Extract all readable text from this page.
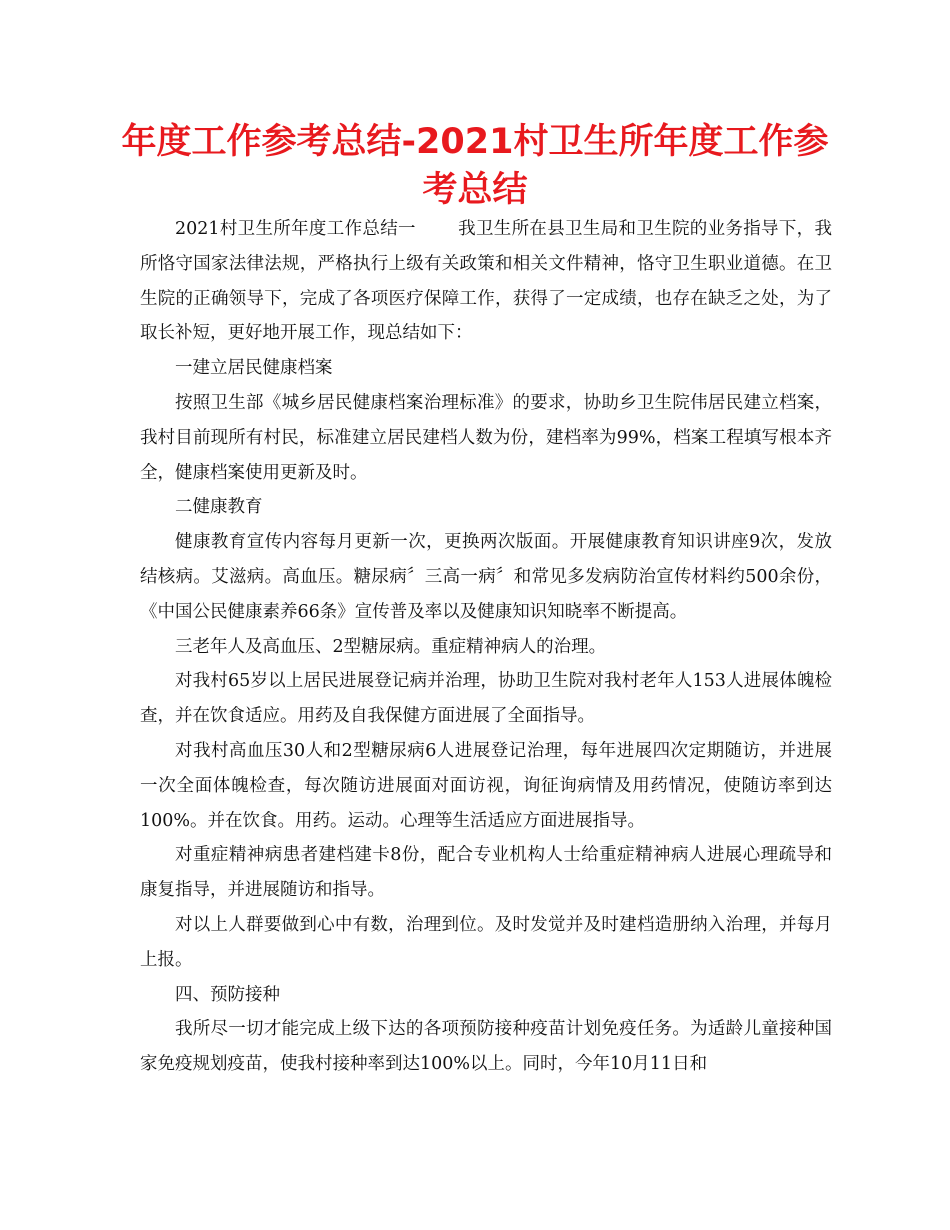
年度工作参考总结-2021村卫生所年度工作参考总结

2021村卫生所年度工作总结一 我卫生所在县卫生局和卫生院的业务指导下，我所恪守国家法律法规，严格执行上级有关政策和相关文件精神，恪守卫生职业道德。在卫生院的正确领导下，完成了各项医疗保障工作，获得了一定成绩，也存在缺乏之处，为了取长补短，更好地开展工作，现总结如下：

一建立居民健康档案

按照卫生部《城乡居民健康档案治理标准》的要求，协助乡卫生院伟居民建立档案，我村目前现所有村民，标准建立居民建档人数为份，建档率为99%，档案工程填写根本齐全，健康档案使用更新及时。

二健康教育

健康教育宣传内容每月更新一次，更换两次版面。开展健康教育知识讲座9次，发放结核病。艾滋病。高血压。糖尿病〞三高一病〞和常见多发病防治宣传材料约500余份，《中国公民健康素养66条》宣传普及率以及健康知识知晓率不断提高。

三老年人及高血压、2型糖尿病。重症精神病人的治理。

对我村65岁以上居民进展登记病并治理，协助卫生院对我村老年人153人进展体魄检查，并在饮食适应。用药及自我保健方面进展了全面指导。

对我村高血压30人和2型糖尿病6人进展登记治理，每年进展四次定期随访，并进展一次全面体魄检查，每次随访进展面对面访视，询征询病情及用药情况，使随访率到达100%。并在饮食。用药。运动。心理等生活适应方面进展指导。

对重症精神病患者建档建卡8份，配合专业机构人士给重症精神病人进展心理疏导和康复指导，并进展随访和指导。

对以上人群要做到心中有数，治理到位。及时发觉并及时建档造册纳入治理，并每月上报。

四、预防接种

我所尽一切才能完成上级下达的各项预防接种疫苗计划免疫任务。为适龄儿童接种国家免疫规划疫苗，使我村接种率到达100%以上。同时，今年10月11日和
